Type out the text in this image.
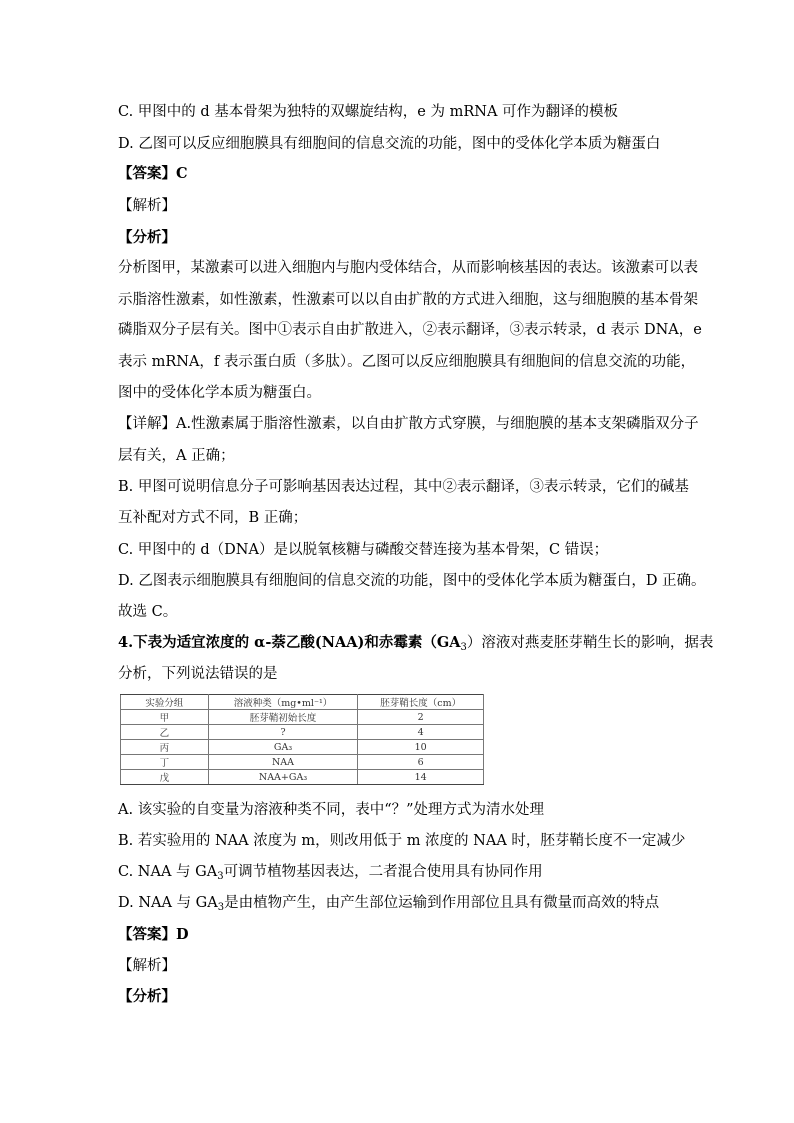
C. 甲图中的 d 基本骨架为独特的双螺旋结构，e 为 mRNA 可作为翻译的模板
D. 乙图可以反应细胞膜具有细胞间的信息交流的功能，图中的受体化学本质为糖蛋白
【答案】C
【解析】
【分析】
分析图甲，某激素可以进入细胞内与胞内受体结合，从而影响核基因的表达。该激素可以表
示脂溶性激素，如性激素，性激素可以以自由扩散的方式进入细胞，这与细胞膜的基本骨架
磷脂双分子层有关。图中①表示自由扩散进入，②表示翻译，③表示转录，d 表示 DNA，e
表示 mRNA，f 表示蛋白质（多肽）。乙图可以反应细胞膜具有细胞间的信息交流的功能，
图中的受体化学本质为糖蛋白。
【详解】A.性激素属于脂溶性激素，以自由扩散方式穿膜，与细胞膜的基本支架磷脂双分子
层有关，A 正确；
B. 甲图可说明信息分子可影响基因表达过程，其中②表示翻译，③表示转录，它们的碱基
互补配对方式不同，B 正确；
C. 甲图中的 d（DNA）是以脱氧核糖与磷酸交替连接为基本骨架，C 错误；
D. 乙图表示细胞膜具有细胞间的信息交流的功能，图中的受体化学本质为糖蛋白，D 正确。
故选 C。
4.下表为适宜浓度的 α-萘乙酸(NAA)和赤霉素$(GA_3)$溶液对燕麦胚芽鞘生长的影响，据表
分析，下列说法错误的是
实验分组	溶液种类（mg•ml⁻¹）	胚芽鞘长度（cm）
甲	胚芽鞘初始长度	2
乙	?	4
丙	GA₃	10
丁	NAA	6
戊	NAA+GA₃	14
A. 该实验的自变量为溶液种类不同，表中“？”处理方式为清水处理
B. 若实验用的 NAA 浓度为 m，则改用低于 m 浓度的 NAA 时，胚芽鞘长度不一定减少
C. NAA 与 $GA_3$可调节植物基因表达，二者混合使用具有协同作用
D. NAA 与 $GA_3$是由植物产生，由产生部位运输到作用部位且具有微量而高效的特点
【答案】D
【解析】
【分析】
